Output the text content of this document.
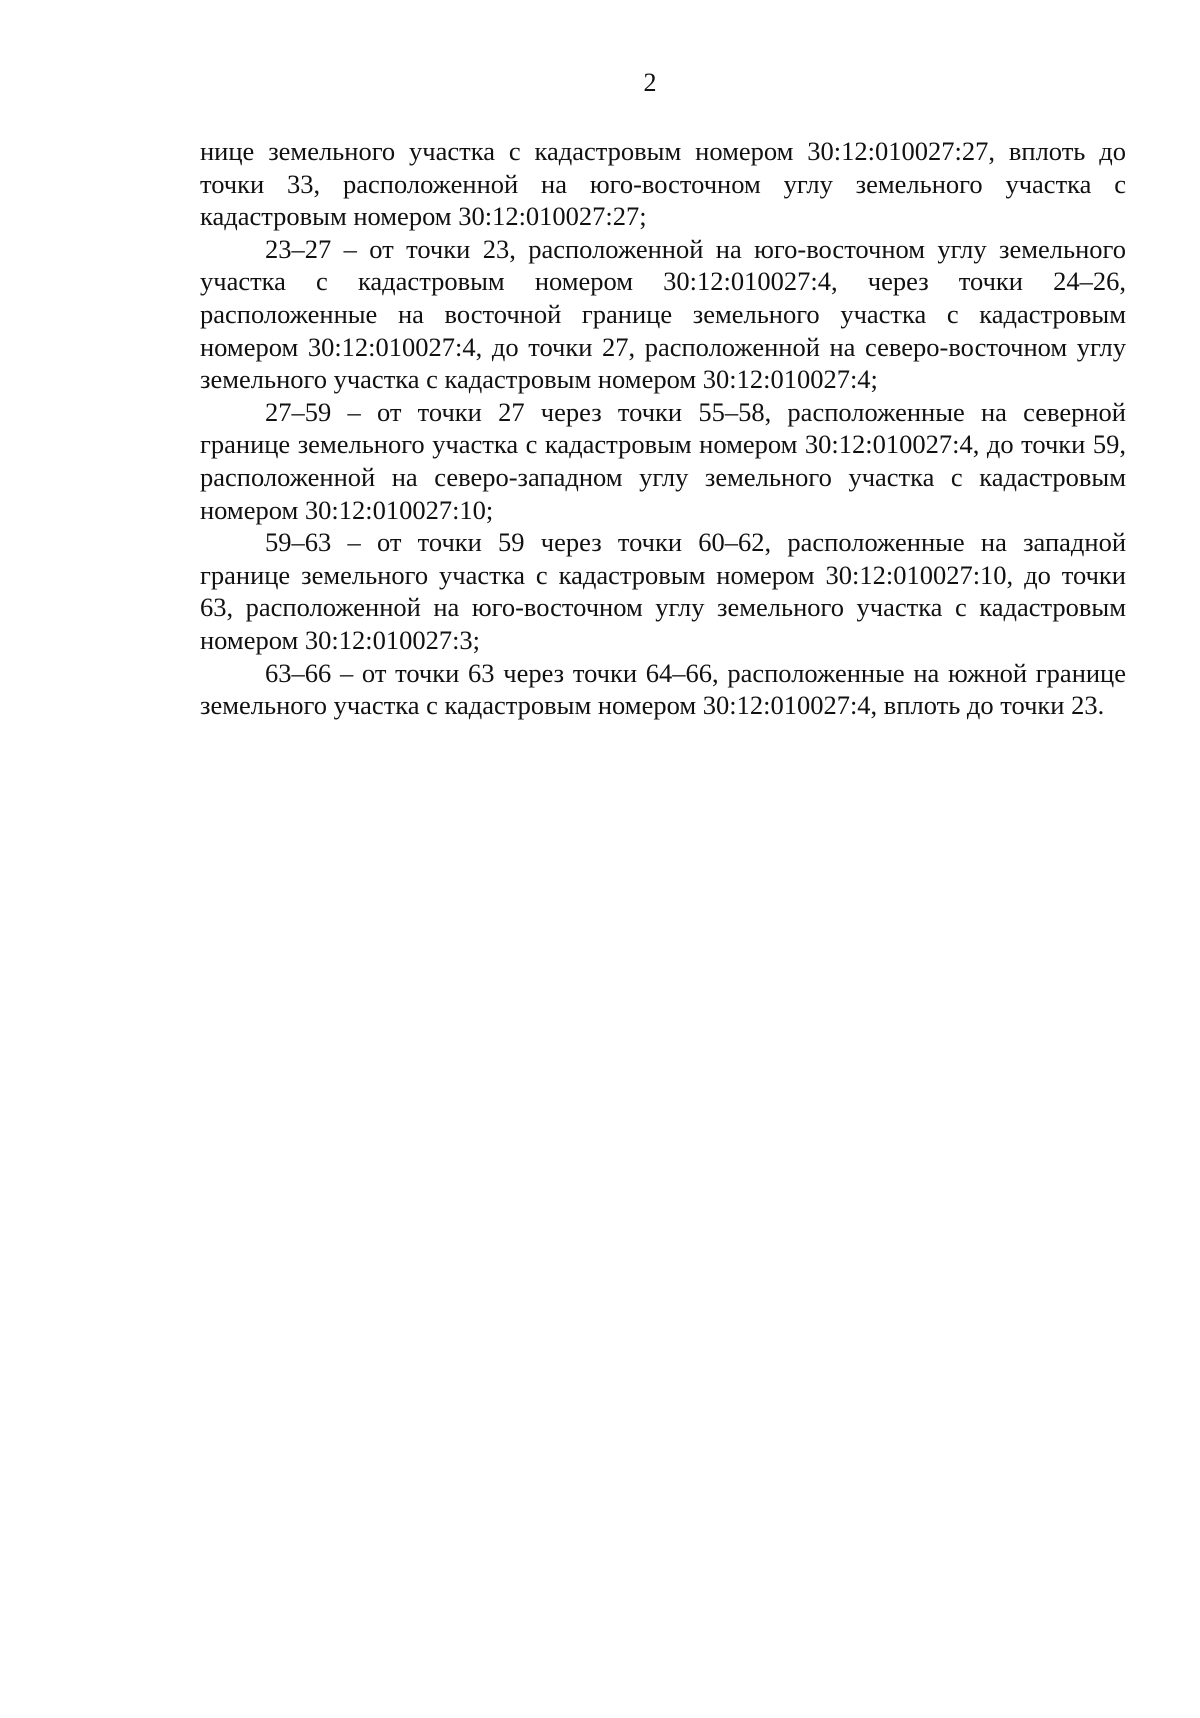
2

нице земельного участка с кадастровым номером 30:12:010027:27, вплоть до точки 33, расположенной на юго-восточном углу земельного участка с кадастровым номером 30:12:010027:27;

23–27 – от точки 23, расположенной на юго-восточном углу земельного участка с кадастровым номером 30:12:010027:4, через точки 24–26, расположенные на восточной границе земельного участка с кадастровым номером 30:12:010027:4, до точки 27, расположенной на северо-восточном углу земельного участка с кадастровым номером 30:12:010027:4;

27–59 – от точки 27 через точки 55–58, расположенные на северной границе земельного участка с кадастровым номером 30:12:010027:4, до точки 59, расположенной на северо-западном углу земельного участка с кадастровым номером 30:12:010027:10;

59–63 – от точки 59 через точки 60–62, расположенные на западной границе земельного участка с кадастровым номером 30:12:010027:10, до точки 63, расположенной на юго-восточном углу земельного участка с кадастровым номером 30:12:010027:3;

63–66 – от точки 63 через точки 64–66, расположенные на южной границе земельного участка с кадастровым номером 30:12:010027:4, вплоть до точки 23.
